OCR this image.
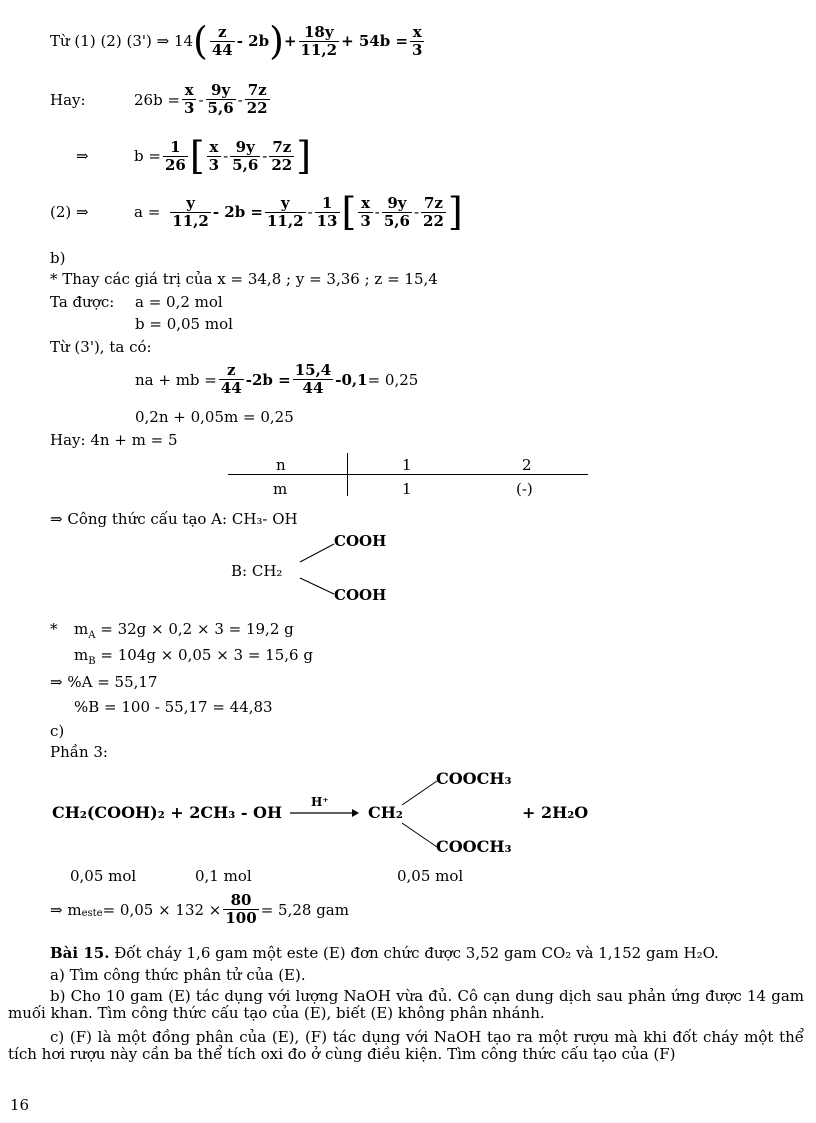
Từ (1) (2) (3') ⇒ 14 ( $\frac{z}{44} - 2b$ ) + $\frac{18y}{11,2} + 54b = \frac{x}{3}$
Hay:	$26b = \frac{x}{3} - \frac{9y}{5,6} - \frac{7z}{22}$
⇒	$b = \frac{1}{26}$ [ $\frac{x}{3} - \frac{9y}{5,6} - \frac{7z}{22}$ ]
(2) ⇒	$a = \frac{y}{11,2} - 2b = \frac{y}{11,2} - \frac{1}{13}$ [ $\frac{x}{3} - \frac{9y}{5,6} - \frac{7z}{22}$ ]
b)
* Thay các giá trị của x = 34,8 ; y = 3,36 ; z = 15,4
Ta được: a = 0,2 mol
b = 0,05 mol
Từ (3'), ta có:
na + mb = $\frac{z}{44} -2b = \frac{15,4}{44} -0,1 = 0,25$
0,2n + 0,05m = 0,25
Hay: 4n + m = 5
n	1	2
m	1	(-)
⇒ Công thức cấu tạo A: CH₃- OH
COOH
B: CH₂
COOH
* $m_A = 32g \times 0,2 \times 3 = 19,2$ g
$m_B = 104g \times 0,05 \times 3 = 15,6$ g
⇒ %A = 55,17
%B = 100 - 55,17 = 44,83
c)
Phần 3:
CH₂(COOH)₂ + 2CH₃ - OH
H⁺
CH₂
COOCH₃
COOCH₃
+ 2H₂O
0,05 mol	0,1 mol	0,05 mol
⇒ $m_{este} = 0,05 \times 132 \times \frac{80}{100} = 5,28$ gam
Bài 15. Đốt cháy 1,6 gam một este (E) đơn chức được 3,52 gam CO₂ và 1,152 gam H₂O.
a) Tìm công thức phân tử của (E).
b) Cho 10 gam (E) tác dụng với lượng NaOH vừa đủ. Cô cạn dung dịch sau phản ứng được 14 gam muối khan. Tìm công thức cấu tạo của (E), biết (E) không phân nhánh.
c) (F) là một đồng phân của (E), (F) tác dụng với NaOH tạo ra một rượu mà khi đốt cháy một thể tích hơi rượu này cần ba thể tích oxi đo ở cùng điều kiện. Tìm công thức cấu tạo của (F)
16
